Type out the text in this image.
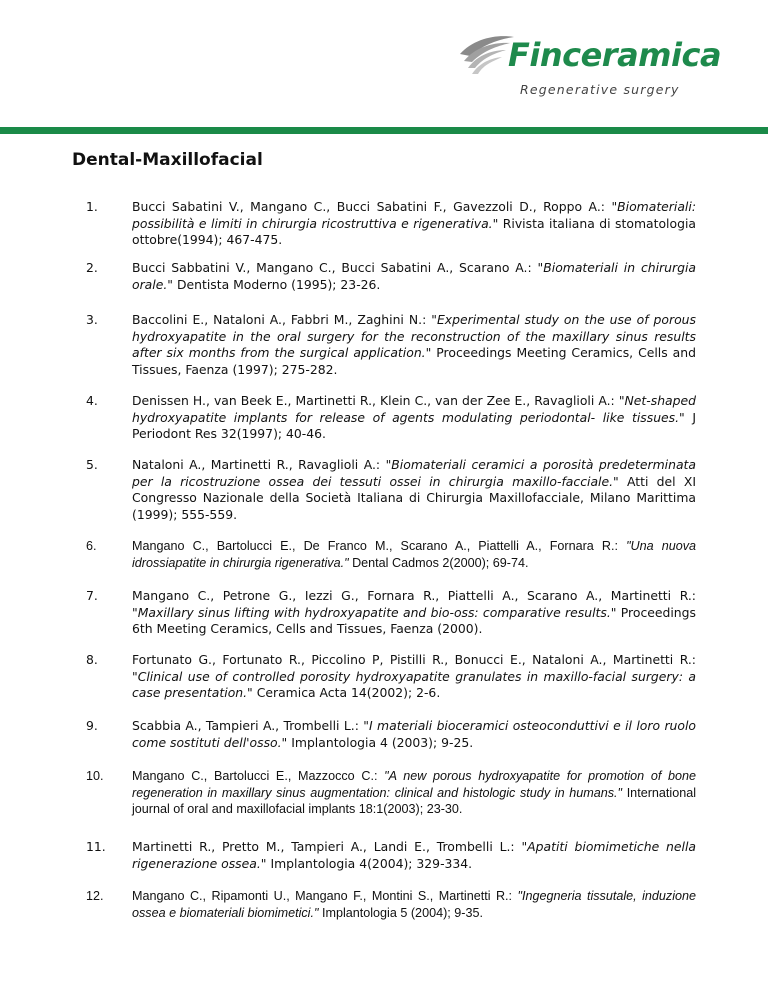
Finceramica
Regenerative surgery
Dental-Maxillofacial
1.	Bucci Sabatini V., Mangano C., Bucci Sabatini F., Gavezzoli D., Roppo A.: "Biomateriali: possibilità e limiti in chirurgia ricostruttiva e rigenerativa." Rivista italiana di stomatologia ottobre(1994); 467-475.
2.	Bucci Sabbatini V., Mangano C., Bucci Sabatini A., Scarano A.: "Biomateriali in chirurgia orale." Dentista Moderno (1995); 23-26.
3.	Baccolini E., Nataloni A., Fabbri M., Zaghini N.: "Experimental study on the use of porous hydroxyapatite in the oral surgery for the reconstruction of the maxillary sinus results after six months from the surgical application." Proceedings Meeting Ceramics, Cells and Tissues, Faenza (1997); 275-282.
4.	Denissen H., van Beek E., Martinetti R., Klein C., van der Zee E., Ravaglioli A.: "Net-shaped hydroxyapatite implants for release of agents modulating periodontal- like tissues." J Periodont Res 32(1997); 40-46.
5.	Nataloni A., Martinetti R., Ravaglioli A.: "Biomateriali ceramici a porosità predeterminata per la ricostruzione ossea dei tessuti ossei in chirurgia maxillo-facciale." Atti del XI Congresso Nazionale della Società Italiana di Chirurgia Maxillofacciale, Milano Marittima (1999); 555-559.
6.	Mangano C., Bartolucci E., De Franco M., Scarano A., Piattelli A., Fornara R.: "Una nuova idrossiapatite in chirurgia rigenerativa." Dental Cadmos 2(2000); 69-74.
7.	Mangano C., Petrone G., Iezzi G., Fornara R., Piattelli A., Scarano A., Martinetti R.: "Maxillary sinus lifting with hydroxyapatite and bio-oss: comparative results." Proceedings 6th Meeting Ceramics, Cells and Tissues, Faenza (2000).
8.	Fortunato G., Fortunato R., Piccolino P, Pistilli R., Bonucci E., Nataloni A., Martinetti R.: "Clinical use of controlled porosity hydroxyapatite granulates in maxillo-facial surgery: a case presentation." Ceramica Acta 14(2002); 2-6.
9.	Scabbia A., Tampieri A., Trombelli L.: "I materiali bioceramici osteoconduttivi e il loro ruolo come sostituti dell'osso." Implantologia 4 (2003); 9-25.
10.	Mangano C., Bartolucci E., Mazzocco C.: "A new porous hydroxyapatite for promotion of bone regeneration in maxillary sinus augmentation: clinical and histologic study in humans." International journal of oral and maxillofacial implants 18:1(2003); 23-30.
11.	Martinetti R., Pretto M., Tampieri A., Landi E., Trombelli L.: "Apatiti biomimetiche nella rigenerazione ossea." Implantologia 4(2004); 329-334.
12.	Mangano C., Ripamonti U., Mangano F., Montini S., Martinetti R.: "Ingegneria tissutale, induzione ossea e biomateriali biomimetici." Implantologia 5 (2004); 9-35.
